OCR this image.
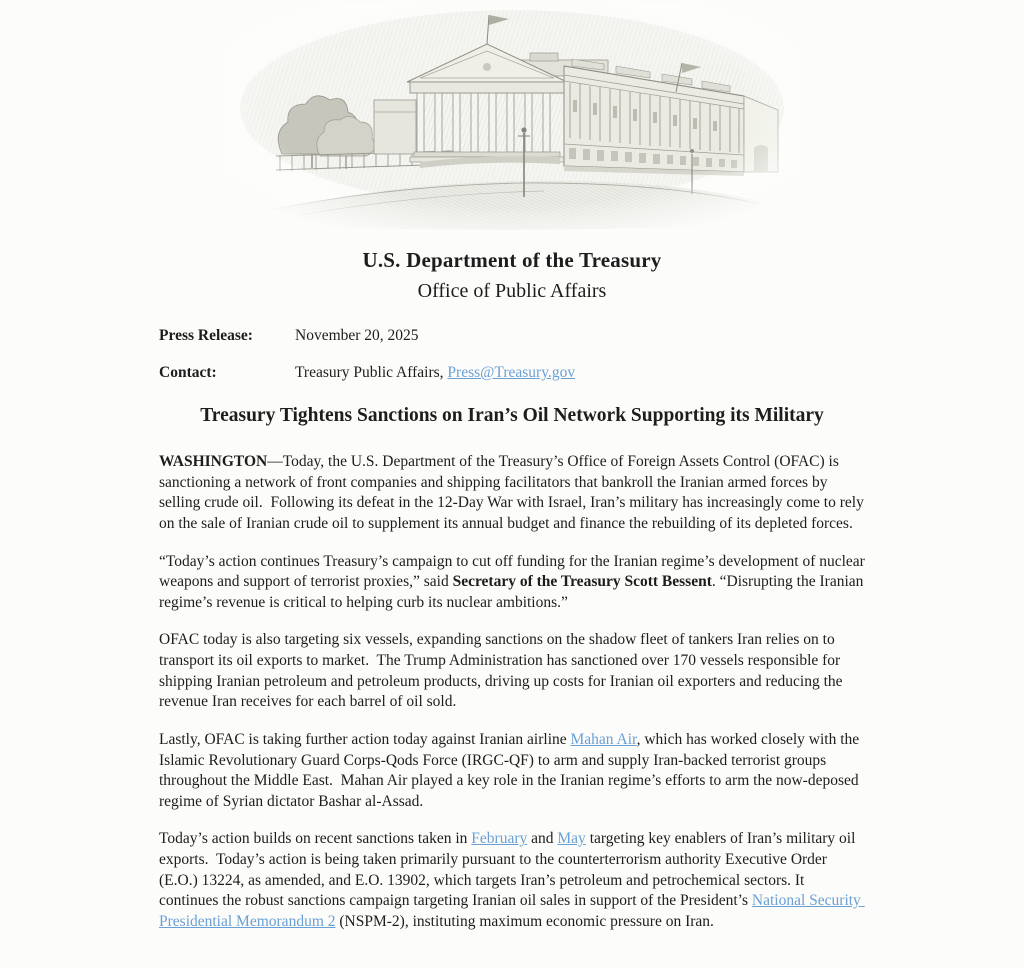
U.S. Department of the Treasury
Office of Public Affairs
Press Release:	November 20, 2025
Contact:	Treasury Public Affairs, Press@Treasury.gov
Treasury Tightens Sanctions on Iran’s Oil Network Supporting its Military

WASHINGTON—Today, the U.S. Department of the Treasury’s Office of Foreign Assets Control (OFAC) is sanctioning a network of front companies and shipping facilitators that bankroll the Iranian armed forces by selling crude oil.  Following its defeat in the 12-Day War with Israel, Iran’s military has increasingly come to rely on the sale of Iranian crude oil to supplement its annual budget and finance the rebuilding of its depleted forces.

“Today’s action continues Treasury’s campaign to cut off funding for the Iranian regime’s development of nuclear weapons and support of terrorist proxies,” said Secretary of the Treasury Scott Bessent. “Disrupting the Iranian regime’s revenue is critical to helping curb its nuclear ambitions.”

OFAC today is also targeting six vessels, expanding sanctions on the shadow fleet of tankers Iran relies on to transport its oil exports to market.  The Trump Administration has sanctioned over 170 vessels responsible for shipping Iranian petroleum and petroleum products, driving up costs for Iranian oil exporters and reducing the revenue Iran receives for each barrel of oil sold.

Lastly, OFAC is taking further action today against Iranian airline Mahan Air, which has worked closely with the Islamic Revolutionary Guard Corps-Qods Force (IRGC-QF) to arm and supply Iran-backed terrorist groups throughout the Middle East.  Mahan Air played a key role in the Iranian regime’s efforts to arm the now-deposed regime of Syrian dictator Bashar al-Assad.

Today’s action builds on recent sanctions taken in February and May targeting key enablers of Iran’s military oil exports.  Today’s action is being taken primarily pursuant to the counterterrorism authority Executive Order (E.O.) 13224, as amended, and E.O. 13902, which targets Iran’s petroleum and petrochemical sectors. It continues the robust sanctions campaign targeting Iranian oil sales in support of the President’s National Security Presidential Memorandum 2 (NSPM-2), instituting maximum economic pressure on Iran.
